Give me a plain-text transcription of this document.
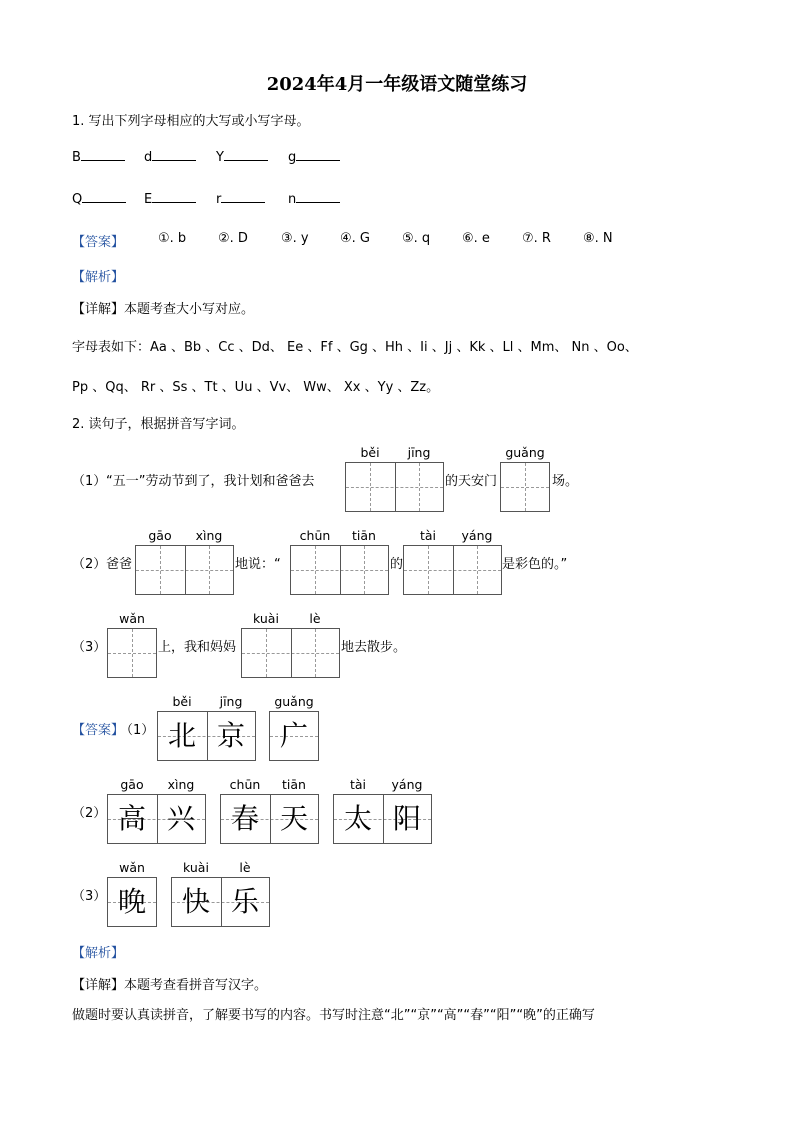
2024年4月一年级语文随堂练习
1. 写出下列字母相应的大写或小写字母。
B	d	Y	g
Q	E	r	n
【答案】	①. b ②. D	③. y ④. G ⑤. q ⑥. e ⑦. R ⑧. N
【解析】
【详解】本题考查大小写对应。
字母表如下：Aa 、Bb 、Cc 、Dd、 Ee 、Ff 、Gg 、Hh 、Ii 、Jj 、Kk 、Ll 、Mm、 Nn 、Oo、
Pp 、Qq、 Rr 、Ss 、Tt 、Uu 、Vv、 Ww、 Xx 、Yy 、Zz。
2. 读句子，根据拼音写字词。
（1） “五一”劳动节到了，我计划和爸爸去
běi	jīng
的天安门
guǎng
场。
（2） 爸爸
gāo	xìng
地说：“
chūn	tiān
的
tài	yáng
是彩色的。”
（3）
wǎn
上，我和妈妈
kuài	lè
地去散步。
【答案】
（1）
běi	jīng
北 京
guǎng
广
（2）
gāo	xìng
高 兴
chūn	tiān
春 天
tài	yáng
太 阳
（3）
wǎn
晚
kuài	lè
快 乐
【解析】
【详解】本题考查看拼音写汉字。
做题时要认真读拼音，了解要书写的内容。书写时注意“北”“京”“高”“春”“阳”“晚”的正确写
